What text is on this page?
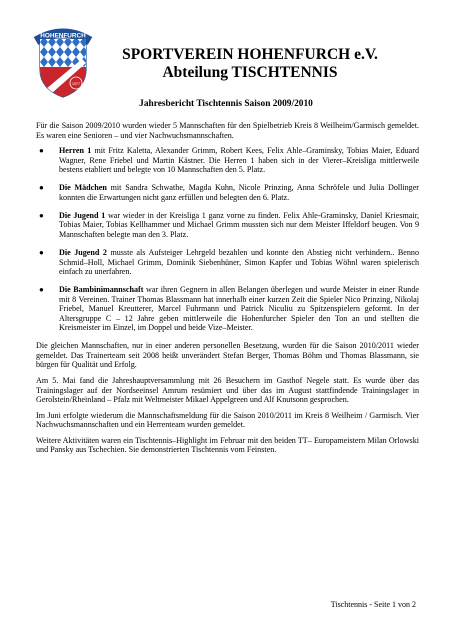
HOHENFURCH
1977
SPORTVEREIN HOHENFURCH e.V.
Abteilung TISCHTENNIS
Jahresbericht Tischtennis Saison 2009/2010

Für die Saison 2009/2010 wurden wieder 5 Mannschaften für den Spielbetrieb Kreis 8 Weilheim/Garmisch gemeldet. Es waren eine Senioren – und vier Nachwuchsmannschaften.

● Herren 1 mit Fritz Kaletta, Alexander Grimm, Robert Kees, Felix Ahle–Graminsky, Tobias Maier, Eduard Wagner, Rene Friebel und Martin Kästner. Die Herren 1 haben sich in der Vierer–Kreisliga mittlerweile bestens etabliert und belegte von 10 Mannschaften den 5. Platz.
● Die Mädchen mit Sandra Schwathe, Magda Kuhn, Nicole Prinzing, Anna Schröfele und Julia Dollinger konnten die Erwartungen nicht ganz erfüllen und belegten den 6. Platz.
● Die Jugend 1 war wieder in der Kreisliga 1 ganz vorne zu finden. Felix Ahle-Graminsky, Daniel Kriesmair, Tobias Maier, Tobias Kellhammer und Michael Grimm mussten sich nur dem Meister Iffeldorf beugen. Von 9 Mannschaften belegte man den 3. Platz.
● Die Jugend 2 musste als Aufsteiger Lehrgeld bezahlen und konnte den Abstieg nicht verhindern.. Benno Schmid–Holl, Michael Grimm, Dominik Siebenhüner, Simon Kapfer und Tobias Wöhnl waren spielerisch einfach zu unerfahren.
● Die Bambinimannschaft war ihren Gegnern in allen Belangen überlegen und wurde Meister in einer Runde mit 8 Vereinen. Trainer Thomas Blassmann hat innerhalb einer kurzen Zeit die Spieler Nico Prinzing, Nikolaj Friebel, Manuel Kreutterer, Marcel Fuhrmann und Patrick Niculiu zu Spitzenspielern geformt. In der Altersgruppe C – 12 Jahre geben mittlerweile die Hohenfurcher Spieler den Ton an und stellten die Kreismeister im Einzel, im Doppel und beide Vize–Meister.

Die gleichen Mannschaften, nur in einer anderen personellen Besetzung, wurden für die Saison 2010/2011 wieder gemeldet. Das Trainerteam seit 2008 heißt unverändert Stefan Berger, Thomas Böhm und Thomas Blassmann, sie bürgen für Qualität und Erfolg.

Am 5. Mai fand die Jahreshauptversammlung mit 26 Besuchern im Gasthof Negele statt. Es wurde über das Trainingslager auf der Nordseeinsel Amrum resümiert und über das im August stattfindende Trainingslager in Gerolstein/Rheinland – Pfalz mit Weltmeister Mikael Appelgreen und Alf Knutsonn gesprochen.

Im Juni erfolgte wiederum die Mannschaftsmeldung für die Saison 2010/2011 im Kreis 8 Weilheim / Garmisch. Vier Nachwuchsmannschaften und ein Herrenteam wurden gemeldet.

Weitere Aktivitäten waren ein Tischtennis–Highlight im Februar mit den beiden TT– Europameistern Milan Orlowski und Pansky aus Tschechien. Sie demonstrierten Tischtennis vom Feinsten.

Tischtennis - Seite 1 von 2
